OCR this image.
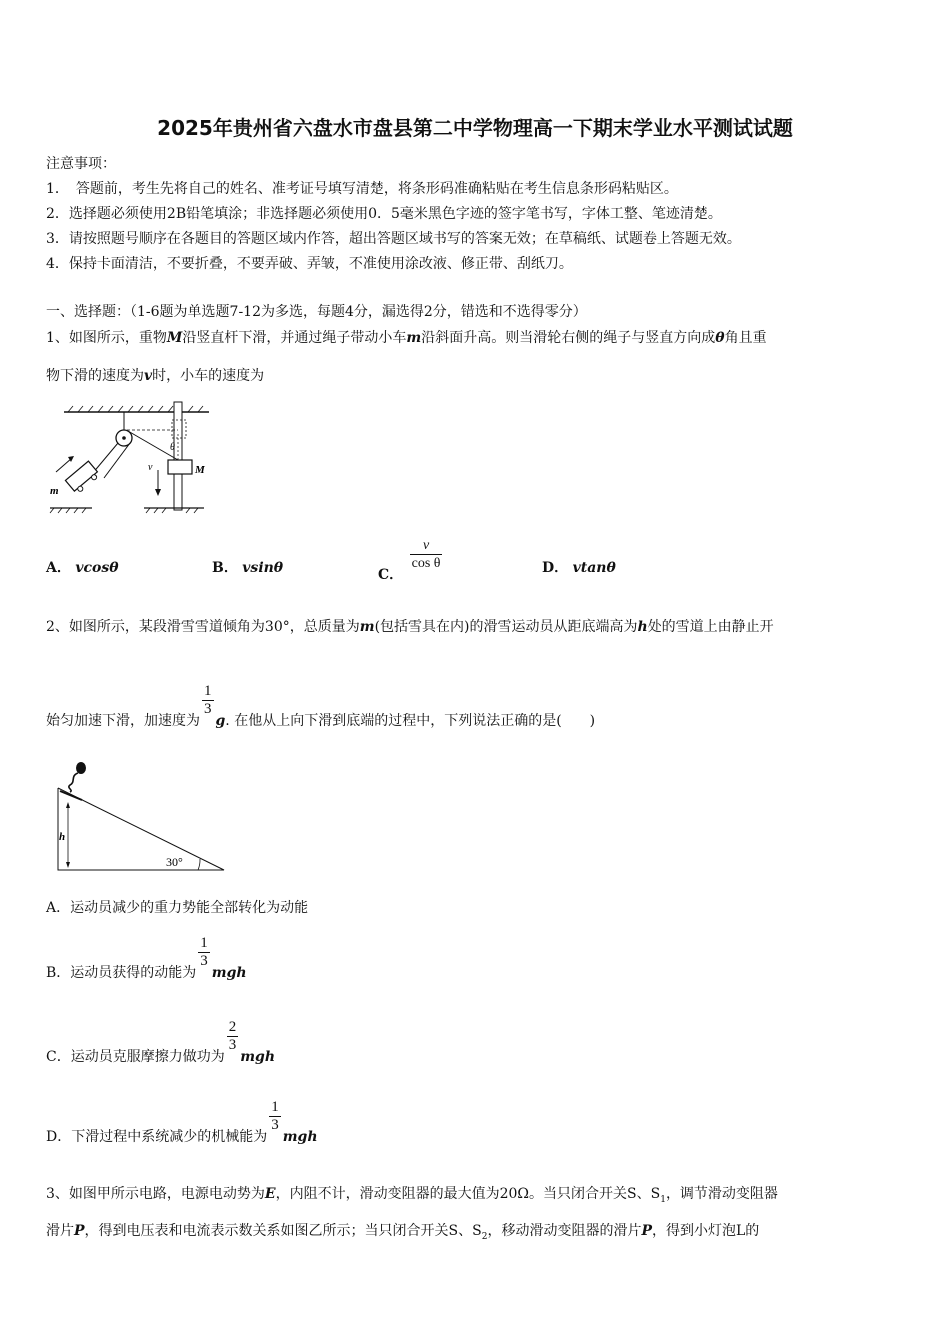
2025年贵州省六盘水市盘县第二中学物理高一下期末学业水平测试试题
注意事项：
1．　答题前，考生先将自己的姓名、准考证号填写清楚，将条形码准确粘贴在考生信息条形码粘贴区。
2．选择题必须使用2B铅笔填涂；非选择题必须使用0．5毫米黑色字迹的签字笔书写，字体工整、笔迹清楚。
3．请按照题号顺序在各题目的答题区域内作答，超出答题区域书写的答案无效；在草稿纸、试题卷上答题无效。
4．保持卡面清洁，不要折叠，不要弄破、弄皱，不准使用涂改液、修正带、刮纸刀。
一、选择题：（1-6题为单选题7-12为多选，每题4分，漏选得2分，错选和不选得零分）
1、如图所示，重物M沿竖直杆下滑，并通过绳子带动小车m沿斜面升高。则当滑轮右侧的绳子与竖直方向成θ角且重
物下滑的速度为v时，小车的速度为
θ
M
v
m
A． vcosθ	B． vsinθ	C．
$\frac{v}{\text{cos θ}}$	D． vtanθ
2、如图所示，某段滑雪雪道倾角为30°，总质量为m(包括雪具在内)的滑雪运动员从距底端高为h处的雪道上由静止开
始匀加速下滑，加速度为
$\frac{1}{3}$
g. 在他从上向下滑到底端的过程中，下列说法正确的是(　　)
h
30°
A．运动员减少的重力势能全部转化为动能
B．运动员获得的动能为
$\frac{1}{3}$
mgh
C．运动员克服摩擦力做功为
$\frac{2}{3}$
mgh
D．下滑过程中系统减少的机械能为
$\frac{1}{3}$
mgh
3、如图甲所示电路，电源电动势为E，内阻不计，滑动变阻器的最大值为20Ω。当只闭合开关S、$S_1$，调节滑动变阻器
滑片P，得到电压表和电流表示数关系如图乙所示；当只闭合开关S、$S_2$，移动滑动变阻器的滑片P，得到小灯泡L的
